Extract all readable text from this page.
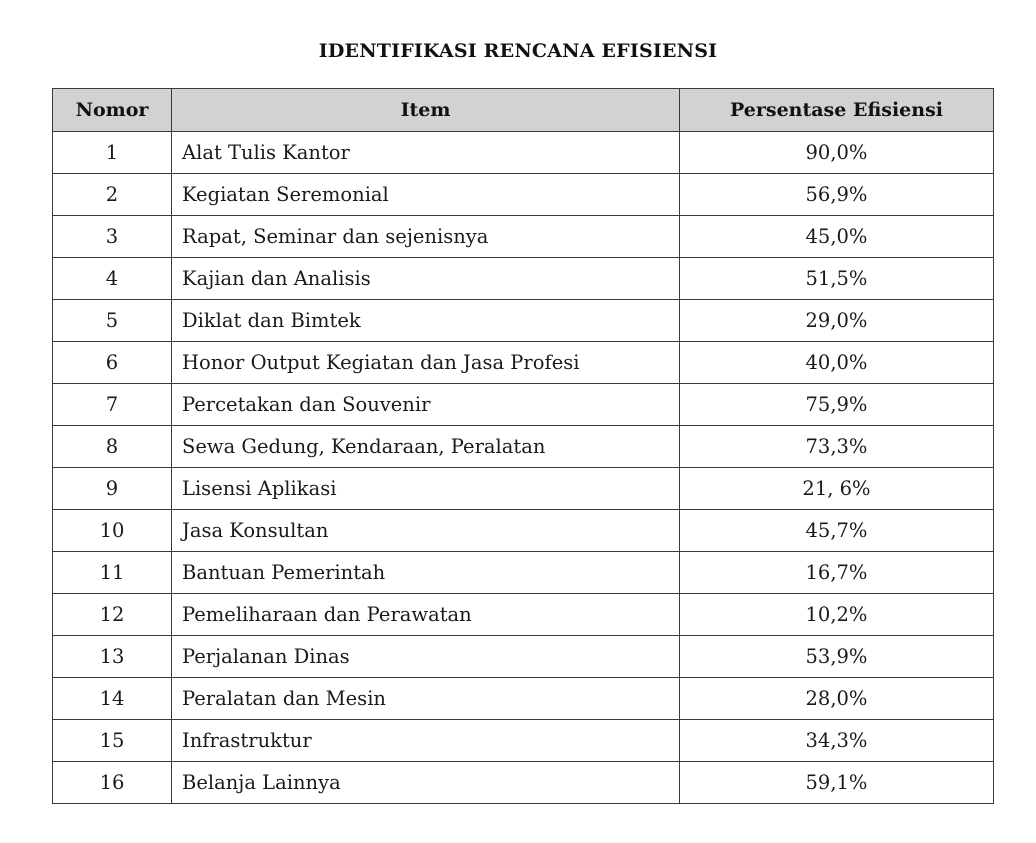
IDENTIFIKASI RENCANA EFISIENSI
Nomor	Item	Persentase Efisiensi
1	Alat Tulis Kantor	90,0%
2	Kegiatan Seremonial	56,9%
3	Rapat, Seminar dan sejenisnya	45,0%
4	Kajian dan Analisis	51,5%
5	Diklat dan Bimtek	29,0%
6	Honor Output Kegiatan dan Jasa Profesi	40,0%
7	Percetakan dan Souvenir	75,9%
8	Sewa Gedung, Kendaraan, Peralatan	73,3%
9	Lisensi Aplikasi	21, 6%
10	Jasa Konsultan	45,7%
11	Bantuan Pemerintah	16,7%
12	Pemeliharaan dan Perawatan	10,2%
13	Perjalanan Dinas	53,9%
14	Peralatan dan Mesin	28,0%
15	Infrastruktur	34,3%
16	Belanja Lainnya	59,1%
